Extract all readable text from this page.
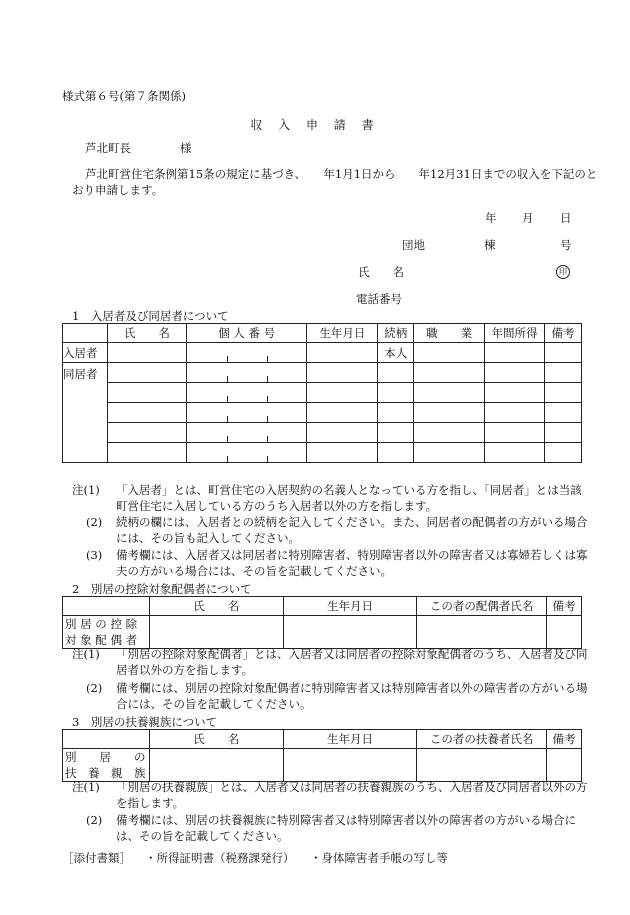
様式第６号(第７条関係)
収 入 申 請 書
芦北町長	様
芦北町営住宅条例第15条の規定に基づき、　　年1月1日から　　年12月31日までの収入を下記のと
おり申請します。
年 月 日
団地	棟	号
氏　　名	印
電話番号
1　入居者及び同居者について
	氏　　名	個 人 番 号	生年月日	続柄	職　　業	年間所得	備考
入居者				本人			
同居者		

注(1) 「入居者」とは、町営住宅の入居契約の名義人となっている方を指し、「同居者」とは当該
町営住宅に入居している方のうち入居者以外の方を指します。
(2) 続柄の欄には、入居者との続柄を記入してください。また、同居者の配偶者の方がいる場合
には、その旨も記入してください。
(3) 備考欄には、入居者又は同居者に特別障害者、特別障害者以外の障害者又は寡婦若しくは寡
夫の方がいる場合には、その旨を記載してください。
2　別居の控除対象配偶者について
	氏　　名	生年月日	この者の配偶者氏名	備考
別 居 の 控 除
対 象 配 偶 者				
注(1) 「別居の控除対象配偶者」とは、入居者又は同居者の控除対象配偶者のうち、入居者及び同
居者以外の方を指します。
(2) 備考欄には、別居の控除対象配偶者に特別障害者又は特別障害者以外の障害者の方がいる場
合には、その旨を記載してください。
3　別居の扶養親族について
	氏　　名	生年月日	この者の扶養者氏名	備考
別　　居　　の
扶　養　親　族				
注(1) 「別居の扶養親族」とは、入居者又は同居者の扶養親族のうち、入居者及び同居者以外の方
を指します。
(2) 備考欄には、別居の扶養親族に特別障害者又は特別障害者以外の障害者の方がいる場合に
は、その旨を記載してください。
［添付書類］ ・所得証明書（税務課発行） ・身体障害者手帳の写し等
